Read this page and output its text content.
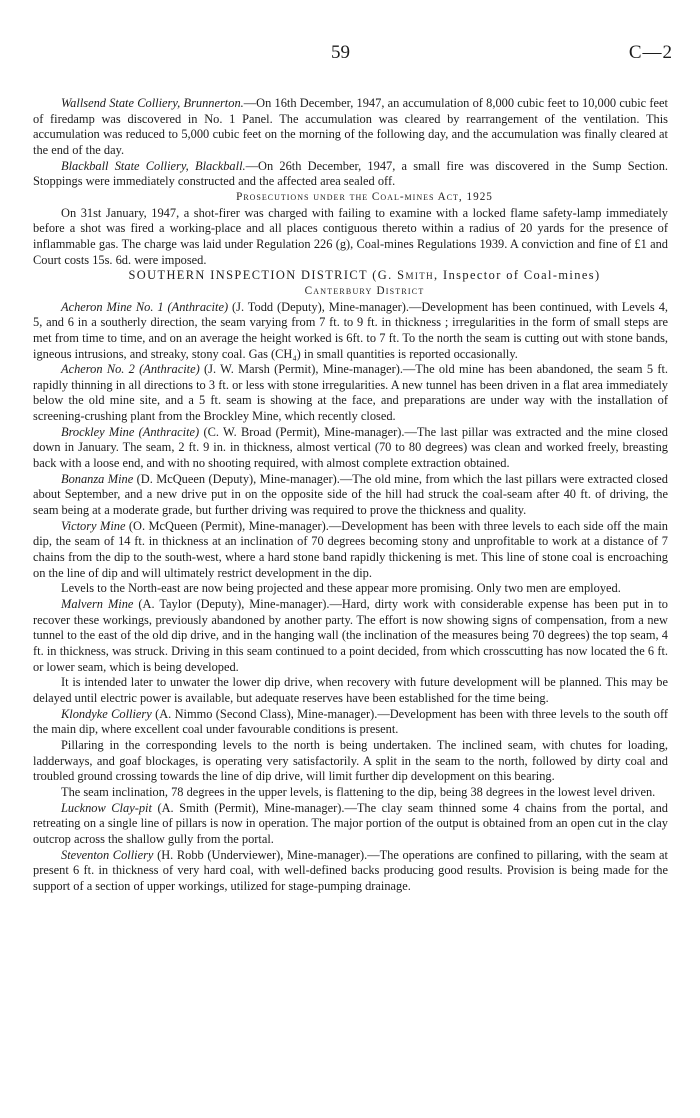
59	C—2

Wallsend State Colliery, Brunnerton.—On 16th December, 1947, an accumulation of 8,000 cubic feet to 10,000 cubic feet of firedamp was discovered in No. 1 Panel. The accumulation was cleared by rearrangement of the ventilation. This accumulation was reduced to 5,000 cubic feet on the morning of the following day, and the accumulation was finally cleared at the end of the day.

Blackball State Colliery, Blackball.—On 26th December, 1947, a small fire was discovered in the Sump Section. Stoppings were immediately constructed and the affected area sealed off.

Prosecutions under the Coal-mines Act, 1925

On 31st January, 1947, a shot-firer was charged with failing to examine with a locked flame safety-lamp immediately before a shot was fired a working-place and all places contiguous thereto within a radius of 20 yards for the presence of inflammable gas. The charge was laid under Regulation 226 (g), Coal-mines Regulations 1939. A conviction and fine of £1 and Court costs 15s. 6d. were imposed.

SOUTHERN INSPECTION DISTRICT (G. Smith, Inspector of Coal-mines)

Canterbury District

Acheron Mine No. 1 (Anthracite) (J. Todd (Deputy), Mine-manager).—Development has been continued, with Levels 4, 5, and 6 in a southerly direction, the seam varying from 7 ft. to 9 ft. in thickness ; irregularities in the form of small steps are met from time to time, and on an average the height worked is 6ft. to 7 ft. To the north the seam is cutting out with stone bands, igneous intrusions, and streaky, stony coal. Gas (CH₄) in small quantities is reported occasionally.

Acheron No. 2 (Anthracite) (J. W. Marsh (Permit), Mine-manager).—The old mine has been abandoned, the seam 5 ft. rapidly thinning in all directions to 3 ft. or less with stone irregularities. A new tunnel has been driven in a flat area immediately below the old mine site, and a 5 ft. seam is showing at the face, and preparations are under way with the installation of screening-crushing plant from the Brockley Mine, which recently closed.

Brockley Mine (Anthracite) (C. W. Broad (Permit), Mine-manager).—The last pillar was extracted and the mine closed down in January. The seam, 2 ft. 9 in. in thickness, almost vertical (70 to 80 degrees) was clean and worked freely, breasting back with a loose end, and with no shooting required, with almost complete extraction obtained.

Bonanza Mine (D. McQueen (Deputy), Mine-manager).—The old mine, from which the last pillars were extracted closed about September, and a new drive put in on the opposite side of the hill had struck the coal-seam after 40 ft. of driving, the seam being at a moderate grade, but further driving was required to prove the thickness and quality.

Victory Mine (O. McQueen (Permit), Mine-manager).—Development has been with three levels to each side off the main dip, the seam of 14 ft. in thickness at an inclination of 70 degrees becoming stony and unprofitable to work at a distance of 7 chains from the dip to the south-west, where a hard stone band rapidly thickening is met. This line of stone coal is encroaching on the line of dip and will ultimately restrict development in the dip.

Levels to the North-east are now being projected and these appear more promising. Only two men are employed.

Malvern Mine (A. Taylor (Deputy), Mine-manager).—Hard, dirty work with considerable expense has been put in to recover these workings, previously abandoned by another party. The effort is now showing signs of compensation, from a new tunnel to the east of the old dip drive, and in the hanging wall (the inclination of the measures being 70 degrees) the top seam, 4 ft. in thickness, was struck. Driving in this seam continued to a point decided, from which crosscutting has now located the 6 ft. or lower seam, which is being developed.

It is intended later to unwater the lower dip drive, when recovery with future development will be planned. This may be delayed until electric power is available, but adequate reserves have been established for the time being.

Klondyke Colliery (A. Nimmo (Second Class), Mine-manager).—Development has been with three levels to the south off the main dip, where excellent coal under favourable conditions is present.

Pillaring in the corresponding levels to the north is being undertaken. The inclined seam, with chutes for loading, ladderways, and goaf blockages, is operating very satisfactorily. A split in the seam to the north, followed by dirty coal and troubled ground crossing towards the line of dip drive, will limit further dip development on this bearing.

The seam inclination, 78 degrees in the upper levels, is flattening to the dip, being 38 degrees in the lowest level driven.

Lucknow Clay-pit (A. Smith (Permit), Mine-manager).—The clay seam thinned some 4 chains from the portal, and retreating on a single line of pillars is now in operation. The major portion of the output is obtained from an open cut in the clay outcrop across the shallow gully from the portal.

Steventon Colliery (H. Robb (Underviewer), Mine-manager).—The operations are confined to pillaring, with the seam at present 6 ft. in thickness of very hard coal, with well-defined backs producing good results. Provision is being made for the support of a section of upper workings, utilized for stage-pumping drainage.
